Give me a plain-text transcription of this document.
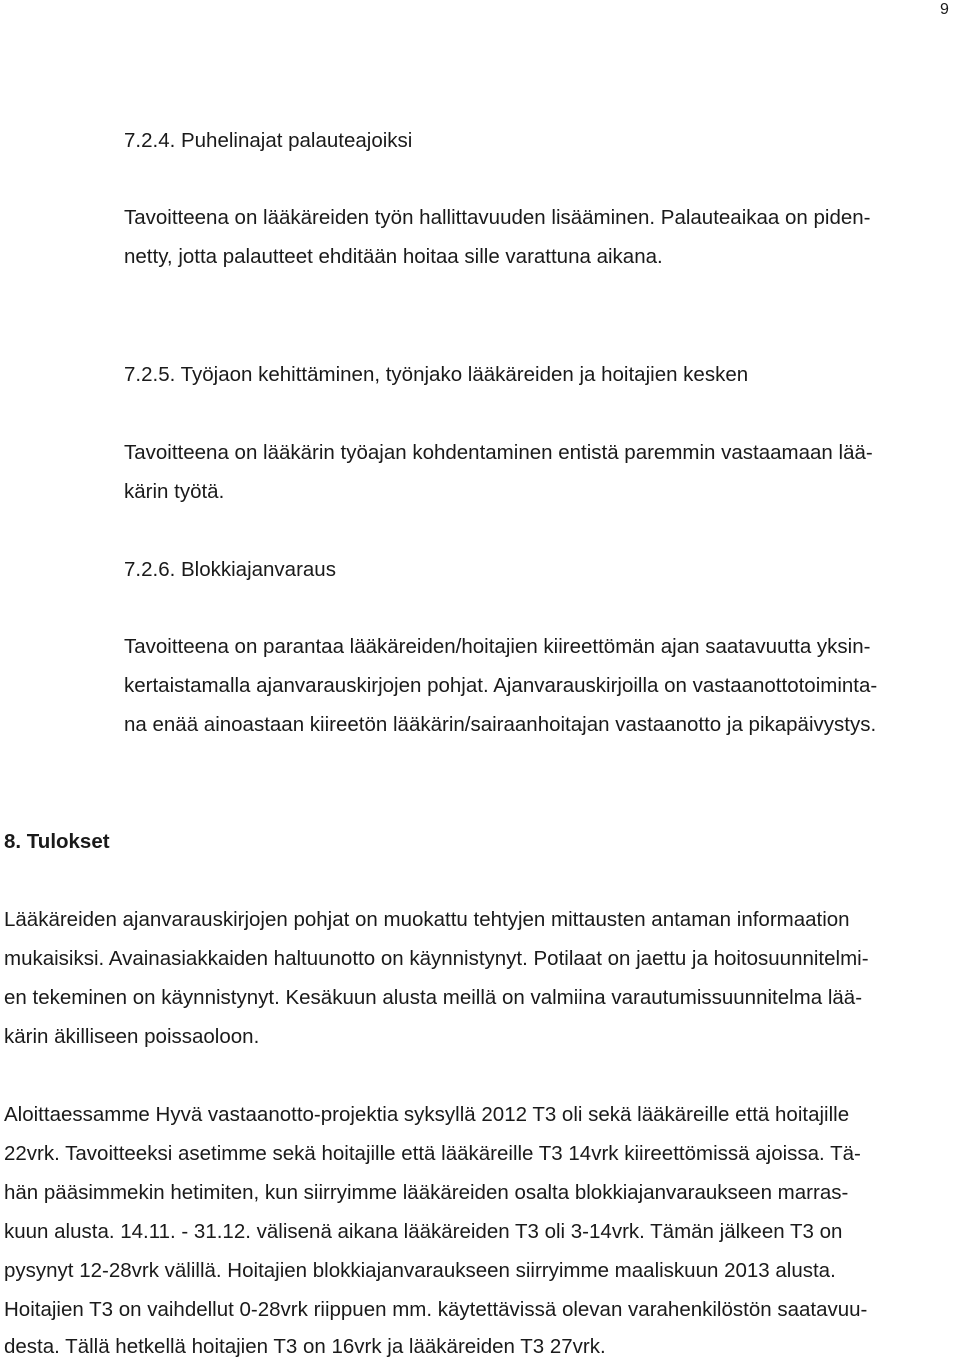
9
7.2.4. Puhelinajat palauteajoiksi
Tavoitteena on lääkäreiden työn hallittavuuden lisääminen. Palauteaikaa on piden-
netty, jotta palautteet ehditään hoitaa sille varattuna aikana.
7.2.5. Työjaon kehittäminen, työnjako lääkäreiden ja hoitajien kesken
Tavoitteena on lääkärin työajan kohdentaminen entistä paremmin vastaamaan lää-
kärin työtä.
7.2.6. Blokkiajanvaraus
Tavoitteena on parantaa lääkäreiden/hoitajien kiireettömän ajan saatavuutta yksin-
kertaistamalla ajanvarauskirjojen pohjat. Ajanvarauskirjoilla on vastaanottotoiminta-
na enää ainoastaan kiireetön lääkärin/sairaanhoitajan vastaanotto ja pikapäivystys.
8. Tulokset
Lääkäreiden ajanvarauskirjojen pohjat on muokattu tehtyjen mittausten antaman informaation
mukaisiksi. Avainasiakkaiden haltuunotto on käynnistynyt. Potilaat on jaettu ja hoitosuunnitelmi-
en tekeminen on käynnistynyt. Kesäkuun alusta meillä on valmiina varautumissuunnitelma lää-
kärin äkilliseen poissaoloon.
Aloittaessamme Hyvä vastaanotto-projektia syksyllä 2012 T3 oli sekä lääkäreille että hoitajille
22vrk. Tavoitteeksi asetimme sekä hoitajille että lääkäreille T3 14vrk kiireettömissä ajoissa. Tä-
hän pääsimmekin hetimiten, kun siirryimme lääkäreiden osalta blokkiajanvaraukseen marras-
kuun alusta. 14.11. - 31.12. välisenä aikana lääkäreiden T3 oli 3-14vrk. Tämän jälkeen T3 on
pysynyt 12-28vrk välillä. Hoitajien blokkiajanvaraukseen siirryimme maaliskuun 2013 alusta.
Hoitajien T3 on vaihdellut 0-28vrk riippuen mm. käytettävissä olevan varahenkilöstön saatavuu-
desta. Tällä hetkellä hoitajien T3 on 16vrk ja lääkäreiden T3 27vrk.
